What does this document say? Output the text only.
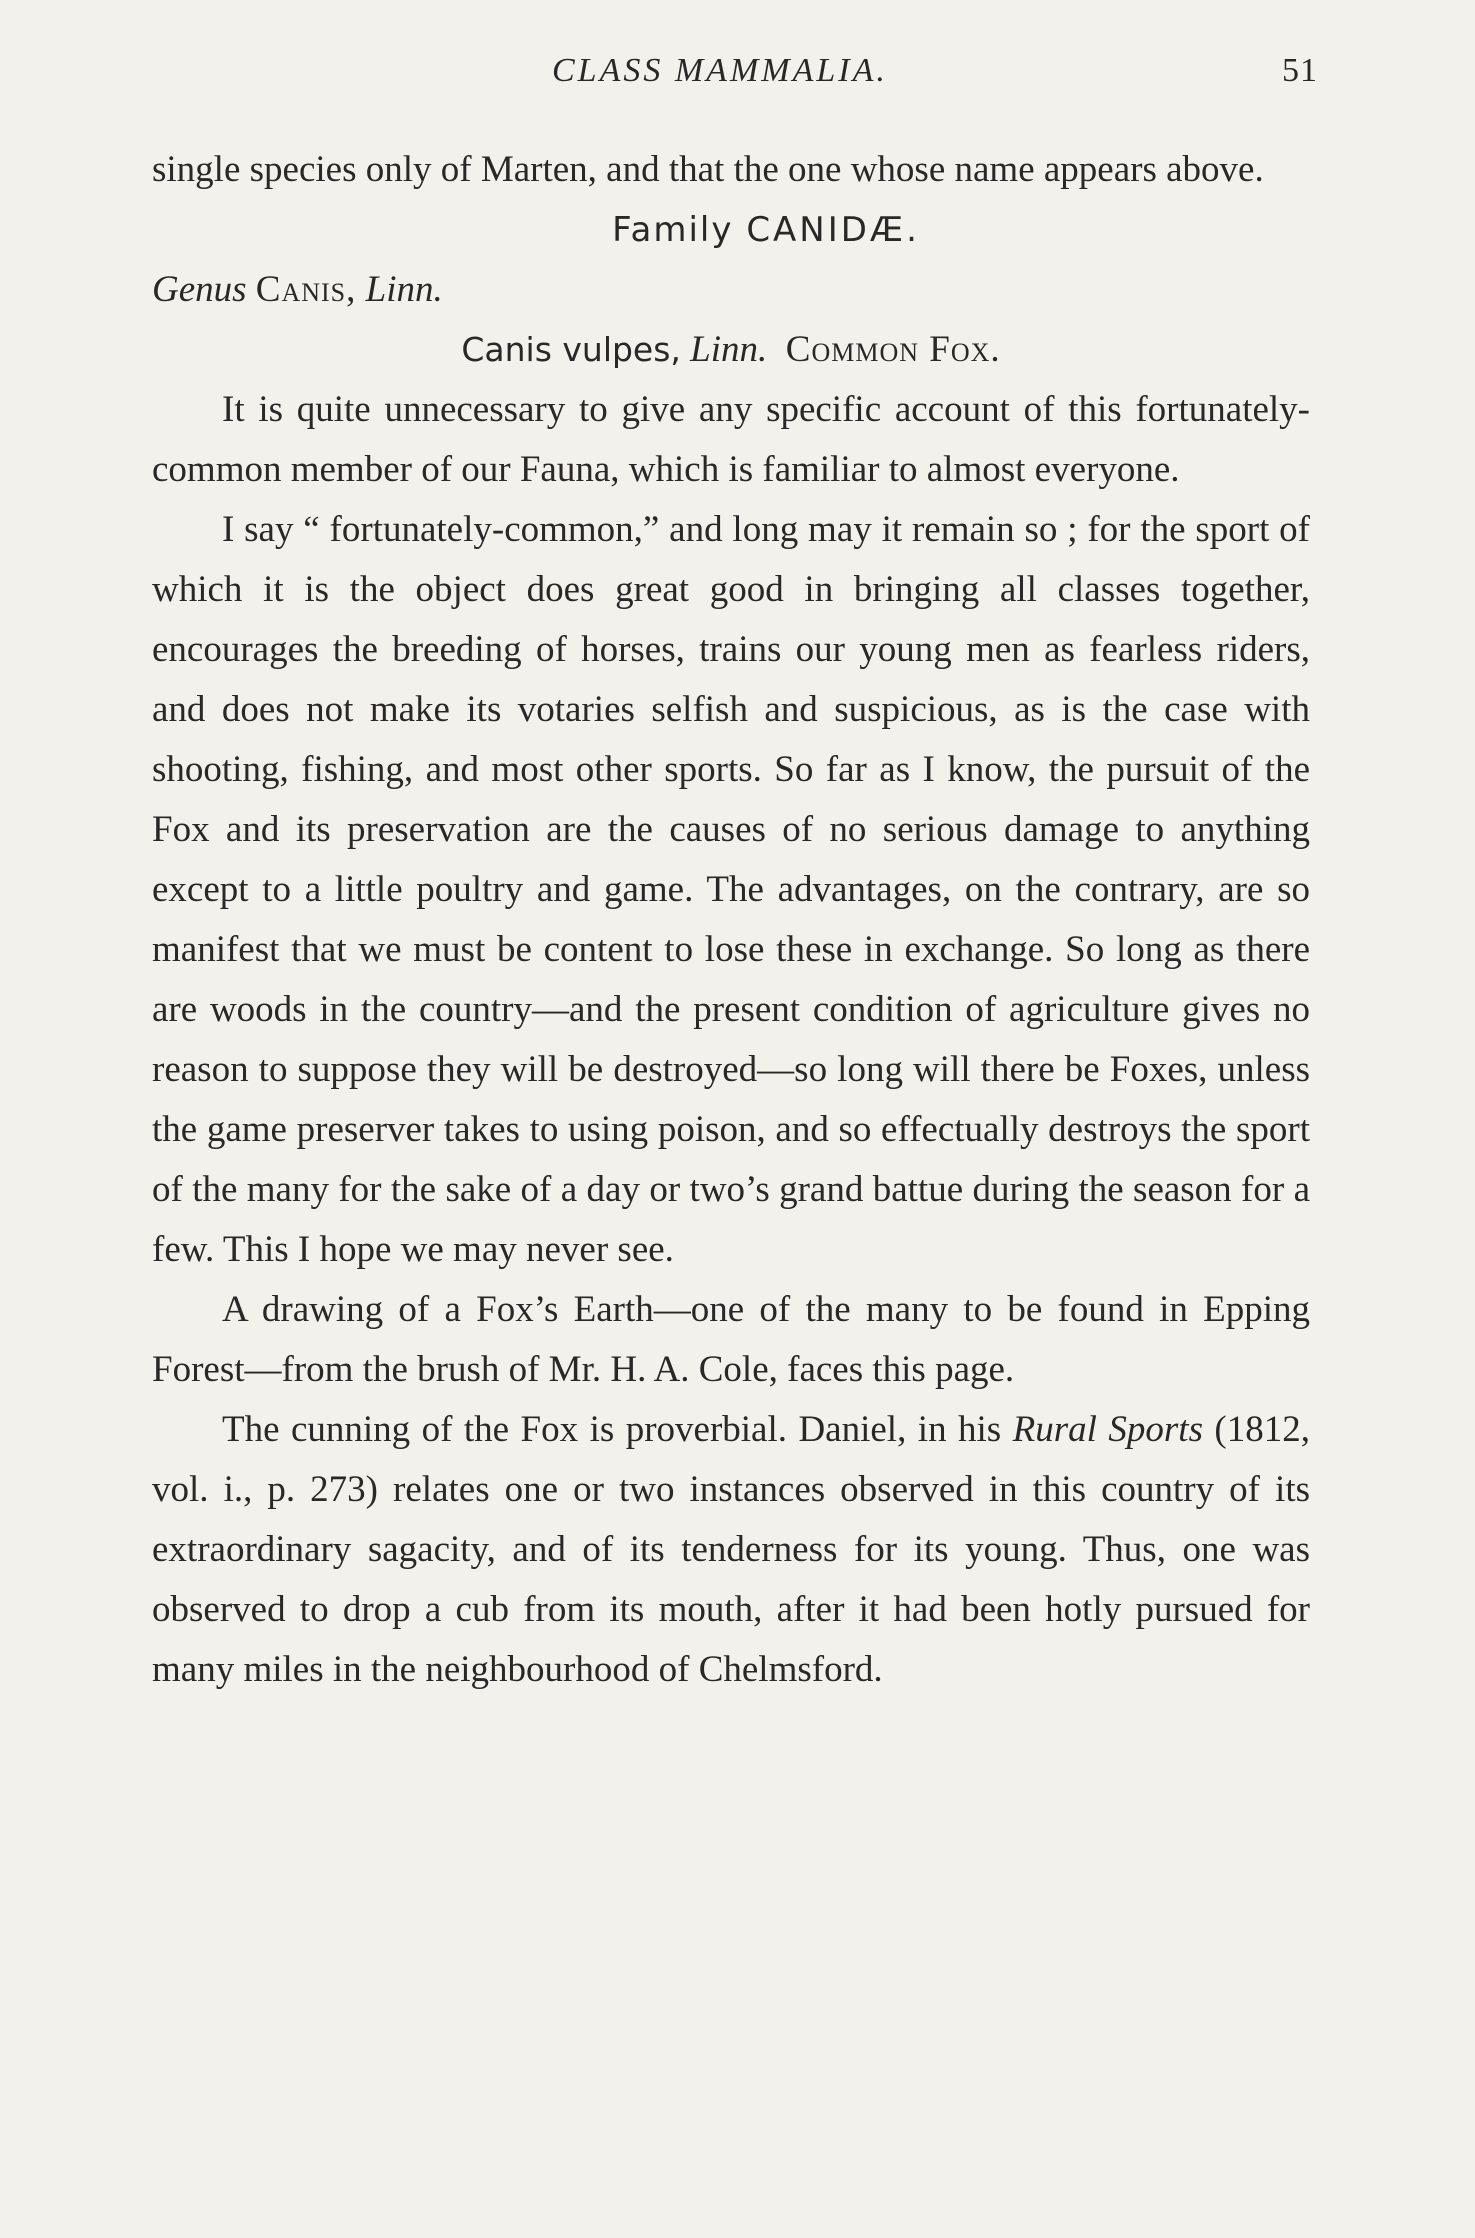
CLASS MAMMALIA.	51

single species only of Marten, and that the one whose name appears above.

Family CANIDÆ.
Genus Canis, Linn.
Canis vulpes, Linn. Common Fox.

It is quite unnecessary to give any specific account of this fortunately-common member of our Fauna, which is familiar to almost everyone.

I say “ fortunately-common,” and long may it remain so ; for the sport of which it is the object does great good in bringing all classes together, encourages the breeding of horses, trains our young men as fearless riders, and does not make its votaries selfish and suspicious, as is the case with shooting, fishing, and most other sports. So far as I know, the pursuit of the Fox and its preservation are the causes of no serious damage to anything except to a little poultry and game. The advantages, on the contrary, are so manifest that we must be content to lose these in exchange. So long as there are woods in the country—and the present condition of agriculture gives no reason to suppose they will be destroyed—so long will there be Foxes, unless the game preserver takes to using poison, and so effectually destroys the sport of the many for the sake of a day or two’s grand battue during the season for a few. This I hope we may never see.

A drawing of a Fox’s Earth—one of the many to be found in Epping Forest—from the brush of Mr. H. A. Cole, faces this page.

The cunning of the Fox is proverbial. Daniel, in his Rural Sports (1812, vol. i., p. 273) relates one or two instances observed in this country of its extraordinary sagacity, and of its tenderness for its young. Thus, one was observed to drop a cub from its mouth, after it had been hotly pursued for many miles in the neighbourhood of Chelmsford.
